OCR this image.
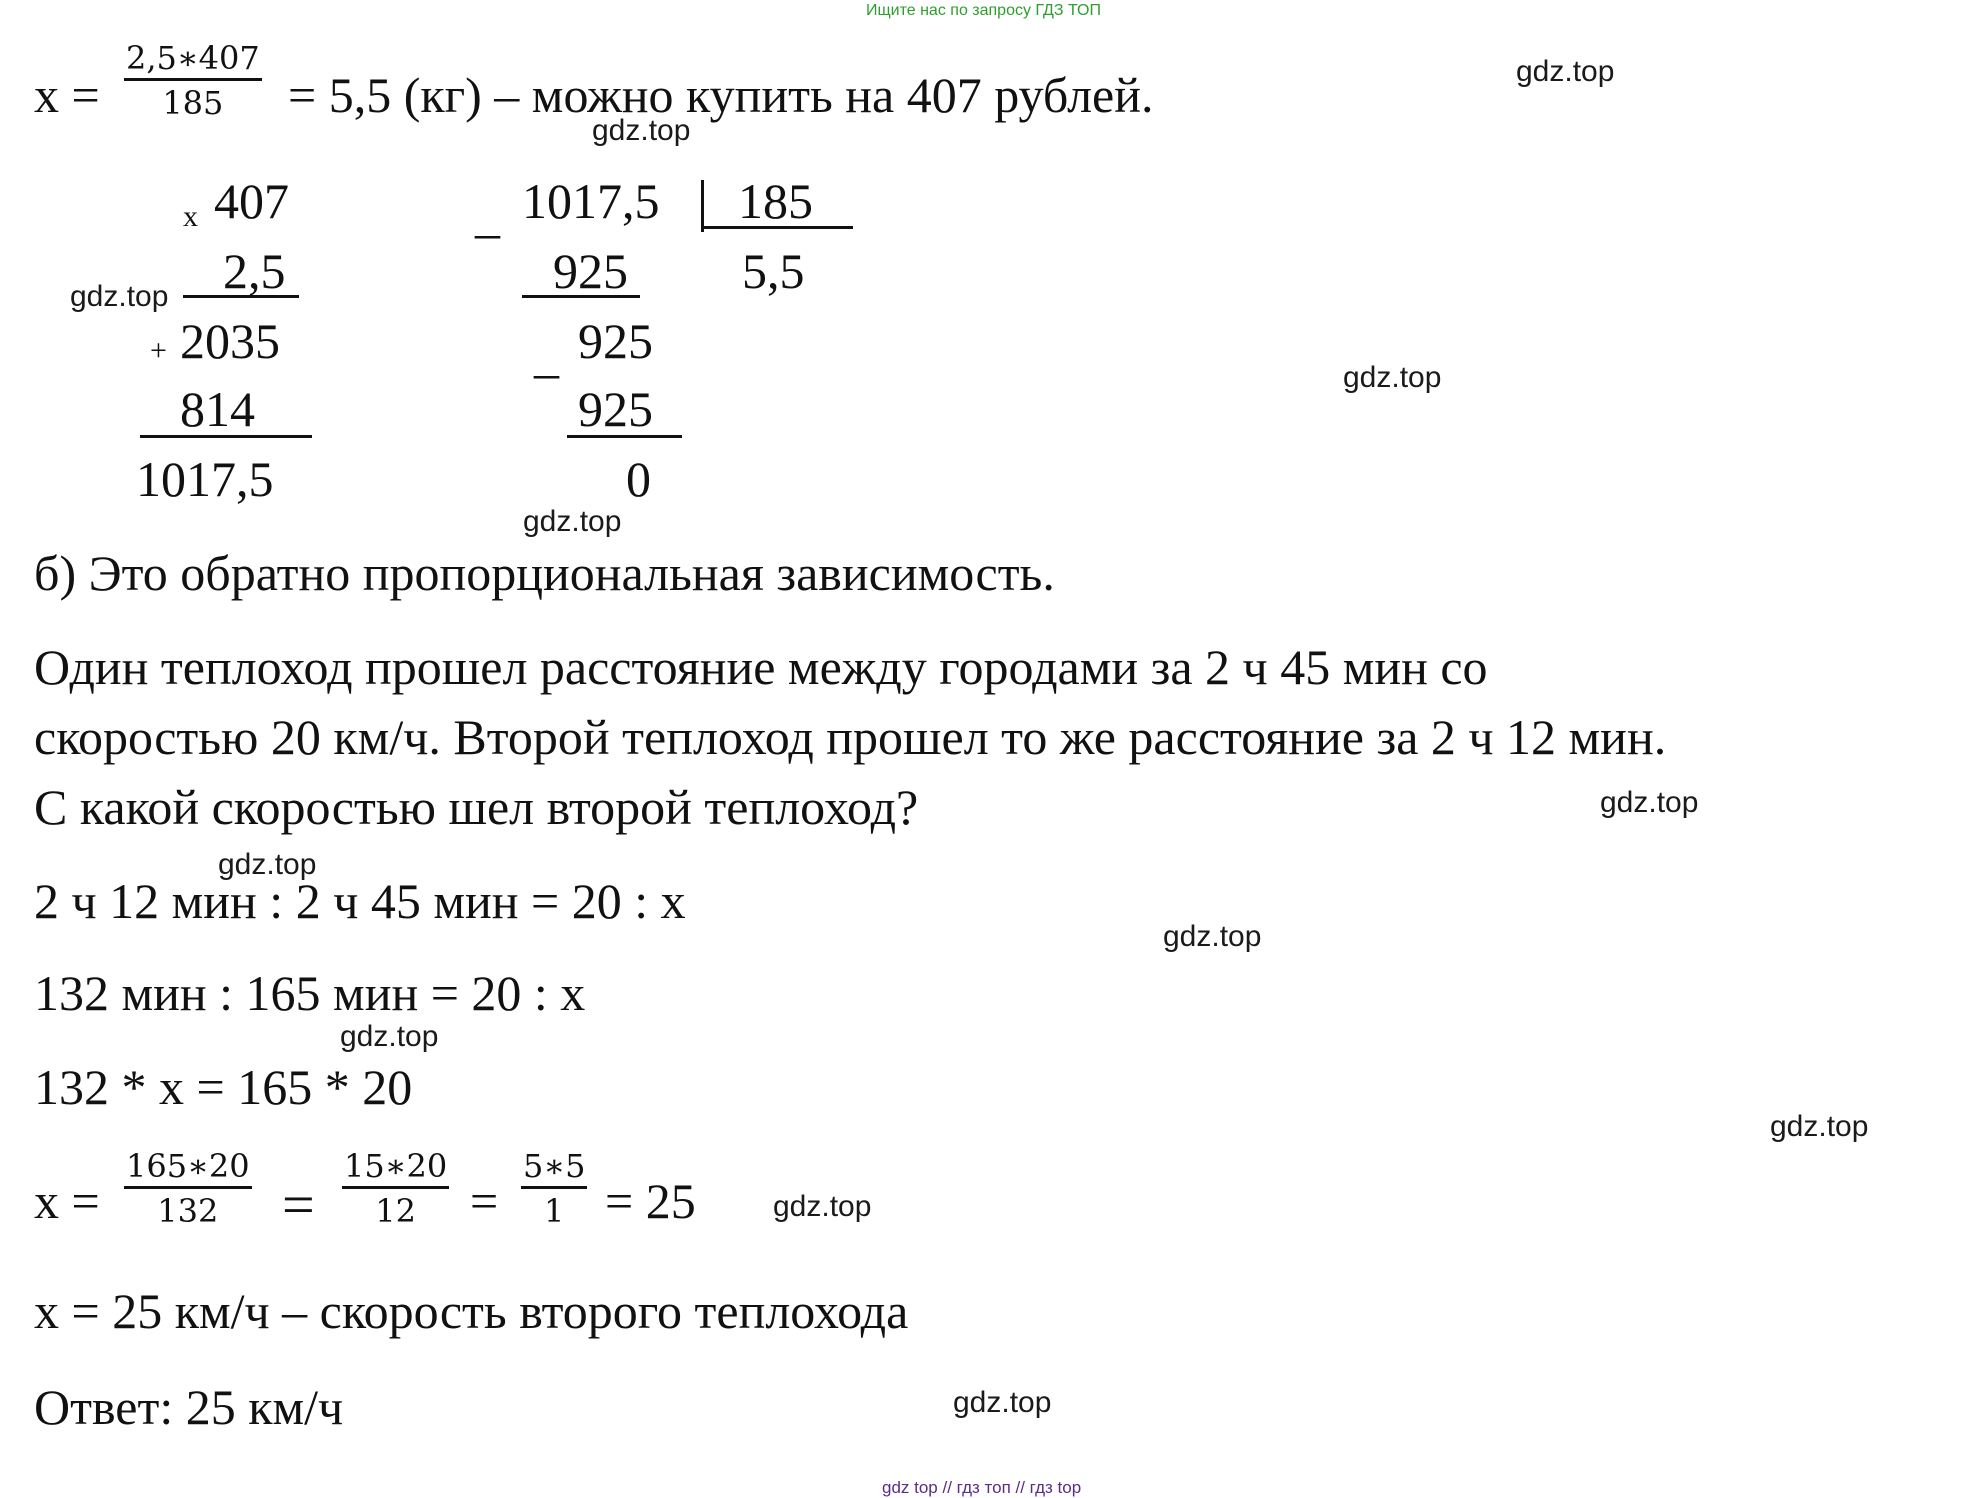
Ищите нас по запросу ГДЗ ТОП
x =
2,5∗407
185 = 5,5 (кг) – можно купить на 407 рублей.
x 407
2,5
+ 2035
814
1017,5
_ 1017,5 185
5,5
925
_ 925
925
0
б) Это обратно пропорциональная зависимость.
Один теплоход прошел расстояние между городами за 2 ч 45 мин со
скоростью 20 км/ч. Второй теплоход прошел то же расстояние за 2 ч 12 мин.
С какой скоростью шел второй теплоход?
2 ч 12 мин : 2 ч 45 мин = 20 : x
132 мин : 165 мин = 20 : x
132 * x = 165 * 20
x =
165∗20
132 =
15∗20
12 =
5∗5
1 = 25
x = 25 км/ч – скорость второго теплохода
Ответ: 25 км/ч
gdz.top
gdz.top
gdz.top
gdz.top
gdz.top
gdz.top
gdz.top
gdz.top
gdz.top
gdz.top
gdz.top
gdz.top
gdz top // гдз топ // гдз top
